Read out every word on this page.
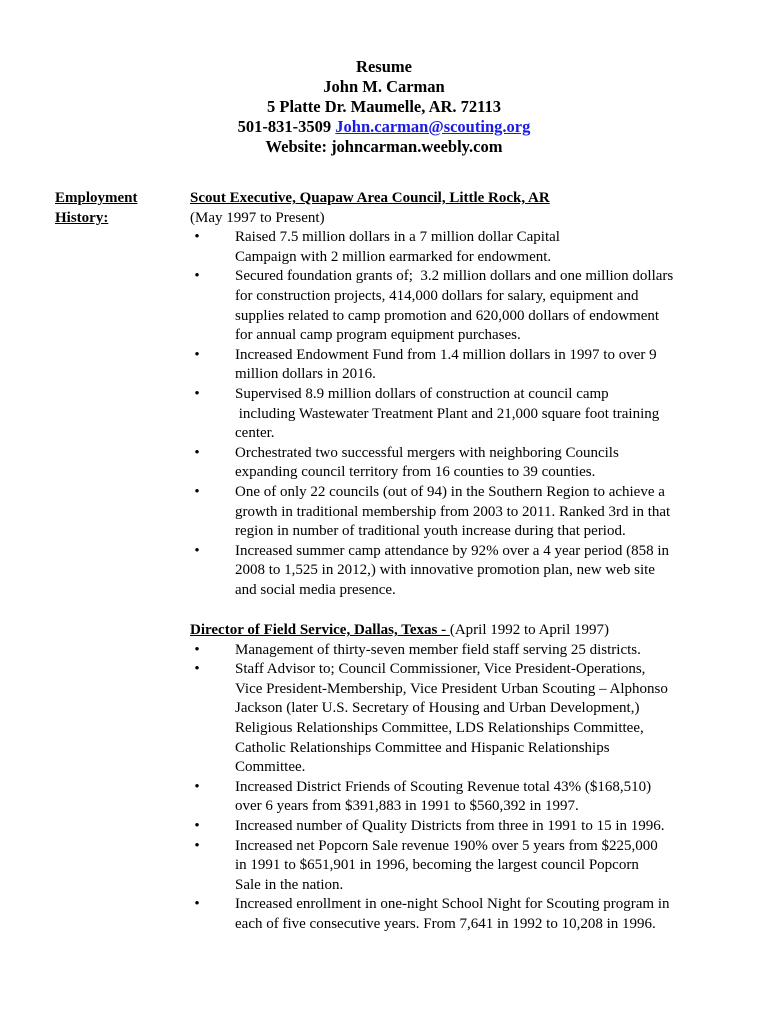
Resume
John M. Carman
5 Platte Dr. Maumelle, AR. 72113
501-831-3509 John.carman@scouting.org
Website: johncarman.weebly.com
Employment
History:
Scout Executive, Quapaw Area Council, Little Rock, AR
(May 1997 to Present)
• Raised 7.5 million dollars in a 7 million dollar Capital
Campaign with 2 million earmarked for endowment.
• Secured foundation grants of;  3.2 million dollars and one million dollars
for construction projects, 414,000 dollars for salary, equipment and
supplies related to camp promotion and 620,000 dollars of endowment
for annual camp program equipment purchases.
• Increased Endowment Fund from 1.4 million dollars in 1997 to over 9
million dollars in 2016.
• Supervised 8.9 million dollars of construction at council camp
including Wastewater Treatment Plant and 21,000 square foot training
center.
• Orchestrated two successful mergers with neighboring Councils
expanding council territory from 16 counties to 39 counties.
• One of only 22 councils (out of 94) in the Southern Region to achieve a
growth in traditional membership from 2003 to 2011. Ranked 3rd in that
region in number of traditional youth increase during that period.
• Increased summer camp attendance by 92% over a 4 year period (858 in
2008 to 1,525 in 2012,) with innovative promotion plan, new web site
and social media presence.
Director of Field Service, Dallas, Texas - (April 1992 to April 1997)
• Management of thirty-seven member field staff serving 25 districts.
• Staff Advisor to; Council Commissioner, Vice President-Operations,
Vice President-Membership, Vice President Urban Scouting – Alphonso
Jackson (later U.S. Secretary of Housing and Urban Development,)
Religious Relationships Committee, LDS Relationships Committee,
Catholic Relationships Committee and Hispanic Relationships
Committee.
• Increased District Friends of Scouting Revenue total 43% ($168,510)
over 6 years from $391,883 in 1991 to $560,392 in 1997.
• Increased number of Quality Districts from three in 1991 to 15 in 1996.
• Increased net Popcorn Sale revenue 190% over 5 years from $225,000
in 1991 to $651,901 in 1996, becoming the largest council Popcorn
Sale in the nation.
• Increased enrollment in one-night School Night for Scouting program in
each of five consecutive years. From 7,641 in 1992 to 10,208 in 1996.
